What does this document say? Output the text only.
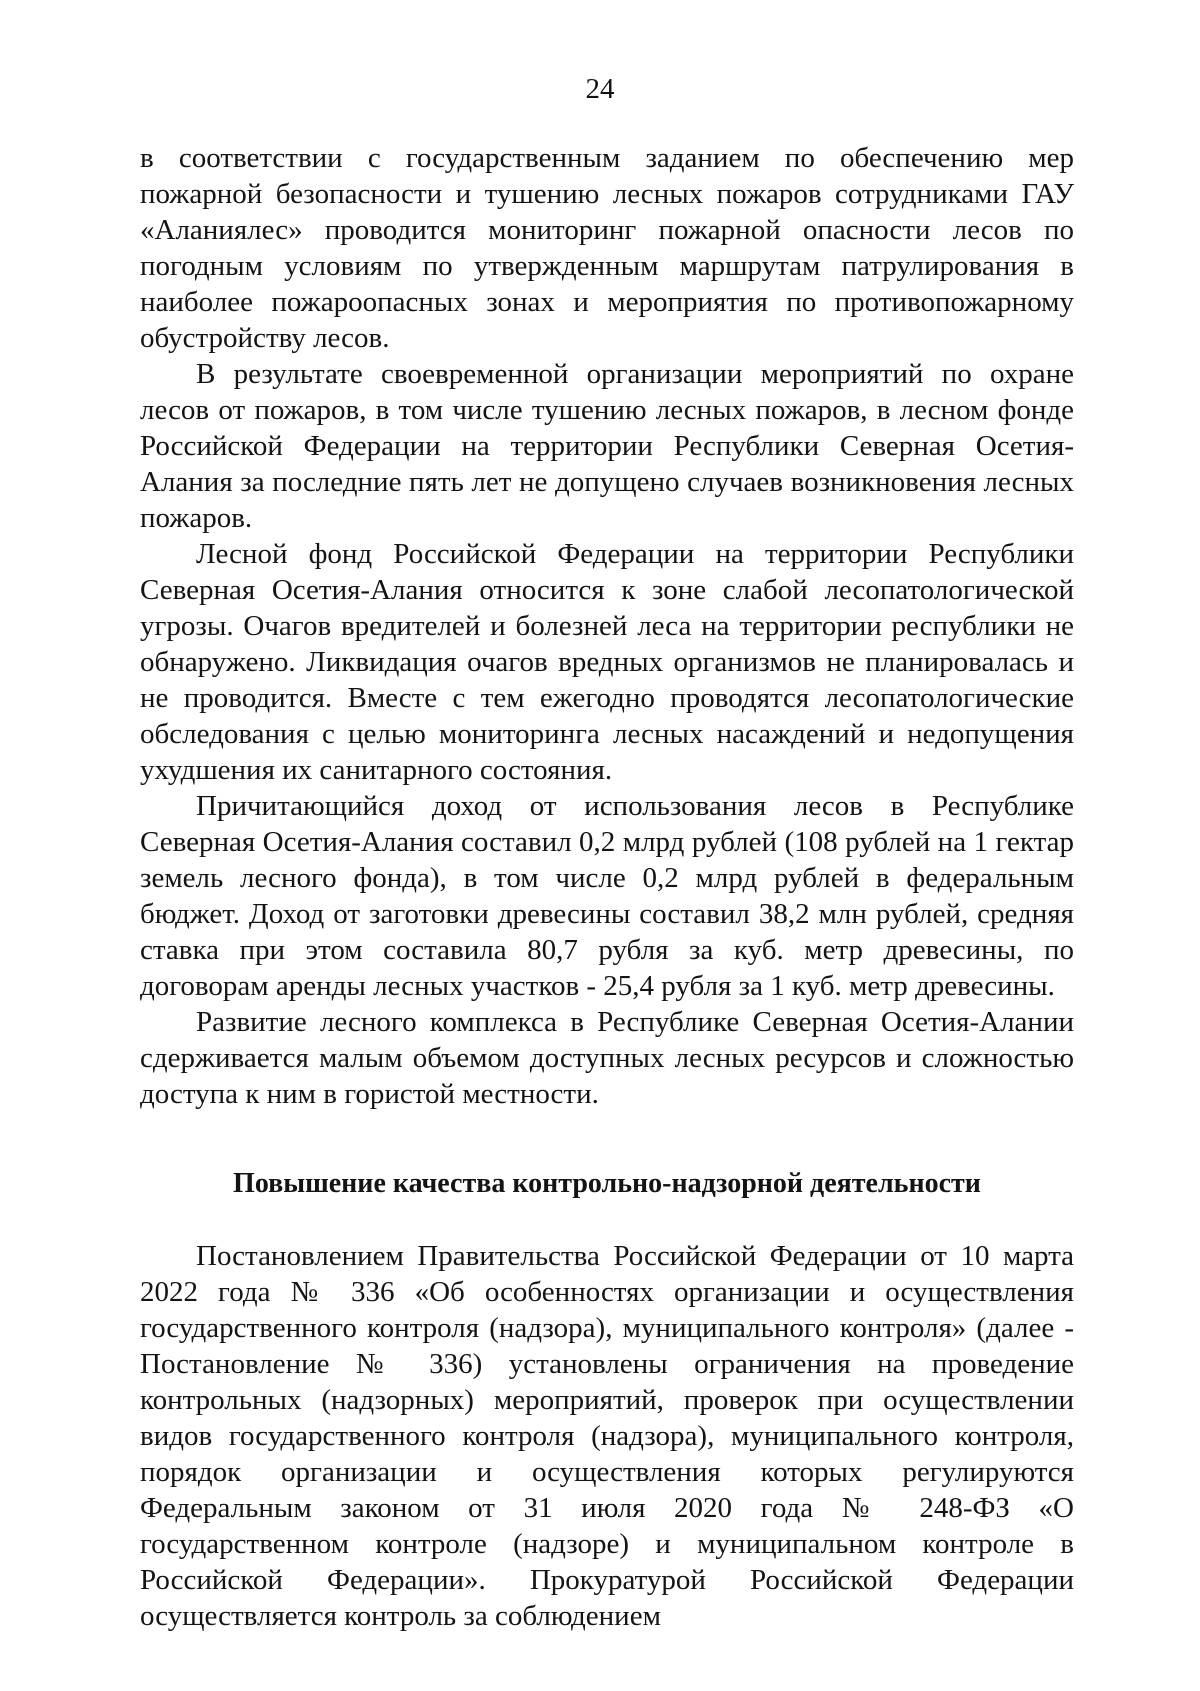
24

в соответствии с государственным заданием по обеспечению мер пожарной безопасности и тушению лесных пожаров сотрудниками ГАУ «Аланиялес» проводится мониторинг пожарной опасности лесов по погодным условиям по утвержденным маршрутам патрулирования в наиболее пожароопасных зонах и мероприятия по противопожарному обустройству лесов.

В результате своевременной организации мероприятий по охране лесов от пожаров, в том числе тушению лесных пожаров, в лесном фонде Российской Федерации на территории Республики Северная Осетия-Алания за последние пять лет не допущено случаев возникновения лесных пожаров.

Лесной фонд Российской Федерации на территории Республики Северная Осетия-Алания относится к зоне слабой лесопатологической угрозы. Очагов вредителей и болезней леса на территории республики не обнаружено. Ликвидация очагов вредных организмов не планировалась и не проводится. Вместе с тем ежегодно проводятся лесопатологические обследования с целью мониторинга лесных насаждений и недопущения ухудшения их санитарного состояния.

Причитающийся доход от использования лесов в Республике Северная Осетия-Алания составил 0,2 млрд рублей (108 рублей на 1 гектар земель лесного фонда), в том числе 0,2 млрд рублей в федеральным бюджет. Доход от заготовки древесины составил 38,2 млн рублей, средняя ставка при этом составила 80,7 рубля за куб. метр древесины, по договорам аренды лесных участков - 25,4 рубля за 1 куб. метр древесины.

Развитие лесного комплекса в Республике Северная Осетия-Алании сдерживается малым объемом доступных лесных ресурсов и сложностью доступа к ним в гористой местности.

Повышение качества контрольно-надзорной деятельности

Постановлением Правительства Российской Федерации от 10 марта 2022 года № 336 «Об особенностях организации и осуществления государственного контроля (надзора), муниципального контроля» (далее - Постановление № 336) установлены ограничения на проведение контрольных (надзорных) мероприятий, проверок при осуществлении видов государственного контроля (надзора), муниципального контроля, порядок организации и осуществления которых регулируются Федеральным законом от 31 июля 2020 года № 248-ФЗ «О государственном контроле (надзоре) и муниципальном контроле в Российской Федерации». Прокуратурой Российской Федерации осуществляется контроль за соблюдением
